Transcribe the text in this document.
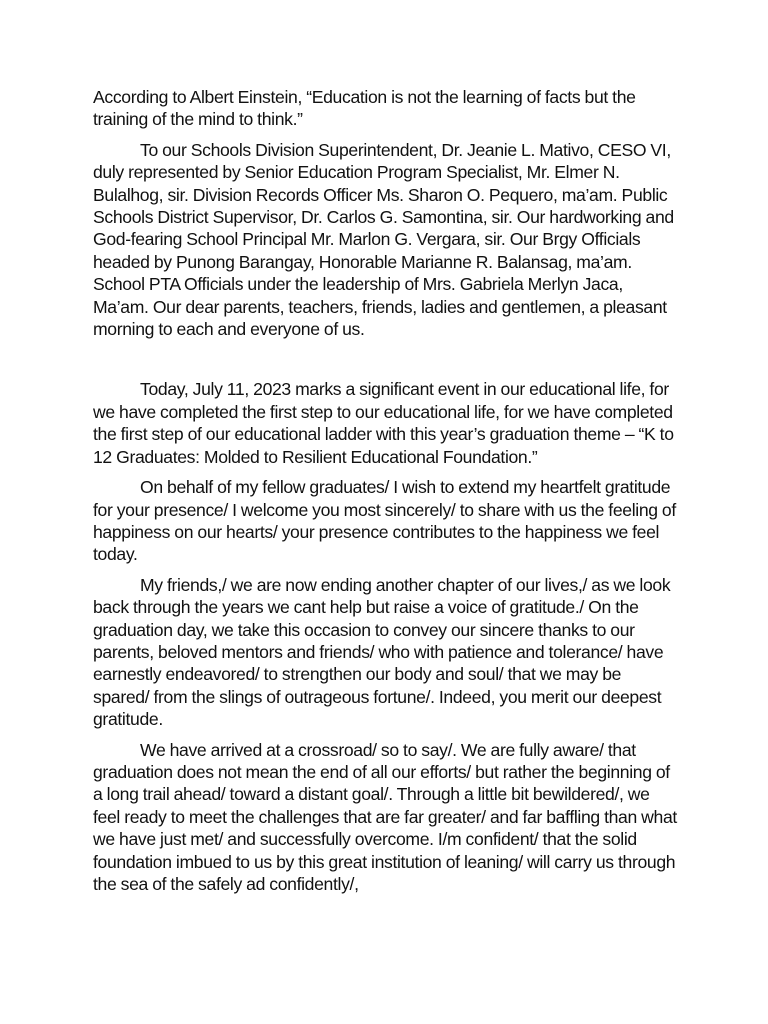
According to Albert Einstein, “Education is not the learning of facts but the training of the mind to think.”

To our Schools Division Superintendent, Dr. Jeanie L. Mativo, CESO VI, duly represented by Senior Education Program Specialist, Mr. Elmer N. Bulalhog, sir. Division Records Officer Ms. Sharon O. Pequero, ma’am. Public Schools District Supervisor, Dr. Carlos G. Samontina, sir. Our hardworking and God-fearing School Principal Mr. Marlon G. Vergara, sir. Our Brgy Officials headed by Punong Barangay, Honorable Marianne R. Balansag, ma’am. School PTA Officials under the leadership of Mrs. Gabriela Merlyn Jaca, Ma’am. Our dear parents, teachers, friends, ladies and gentlemen, a pleasant morning to each and everyone of us.

Today, July 11, 2023 marks a significant event in our educational life, for we have completed the first step to our educational life, for we have completed the first step of our educational ladder with this year’s graduation theme – “K to 12 Graduates: Molded to Resilient Educational Foundation.”

On behalf of my fellow graduates/ I wish to extend my heartfelt gratitude for your presence/ I welcome you most sincerely/ to share with us the feeling of happiness on our hearts/ your presence contributes to the happiness we feel today.

My friends,/ we are now ending another chapter of our lives,/ as we look back through the years we cant help but raise a voice of gratitude./ On the graduation day, we take this occasion to convey our sincere thanks to our parents, beloved mentors and friends/ who with patience and tolerance/ have earnestly endeavored/ to strengthen our body and soul/ that we may be spared/ from the slings of outrageous fortune/. Indeed, you merit our deepest gratitude.

We have arrived at a crossroad/ so to say/. We are fully aware/ that graduation does not mean the end of all our efforts/ but rather the beginning of a long trail ahead/ toward a distant goal/. Through a little bit bewildered/, we feel ready to meet the challenges that are far greater/ and far baffling than what we have just met/ and successfully overcome. I/m confident/ that the solid foundation imbued to us by this great institution of leaning/ will carry us through the sea of the safely ad confidently/,
